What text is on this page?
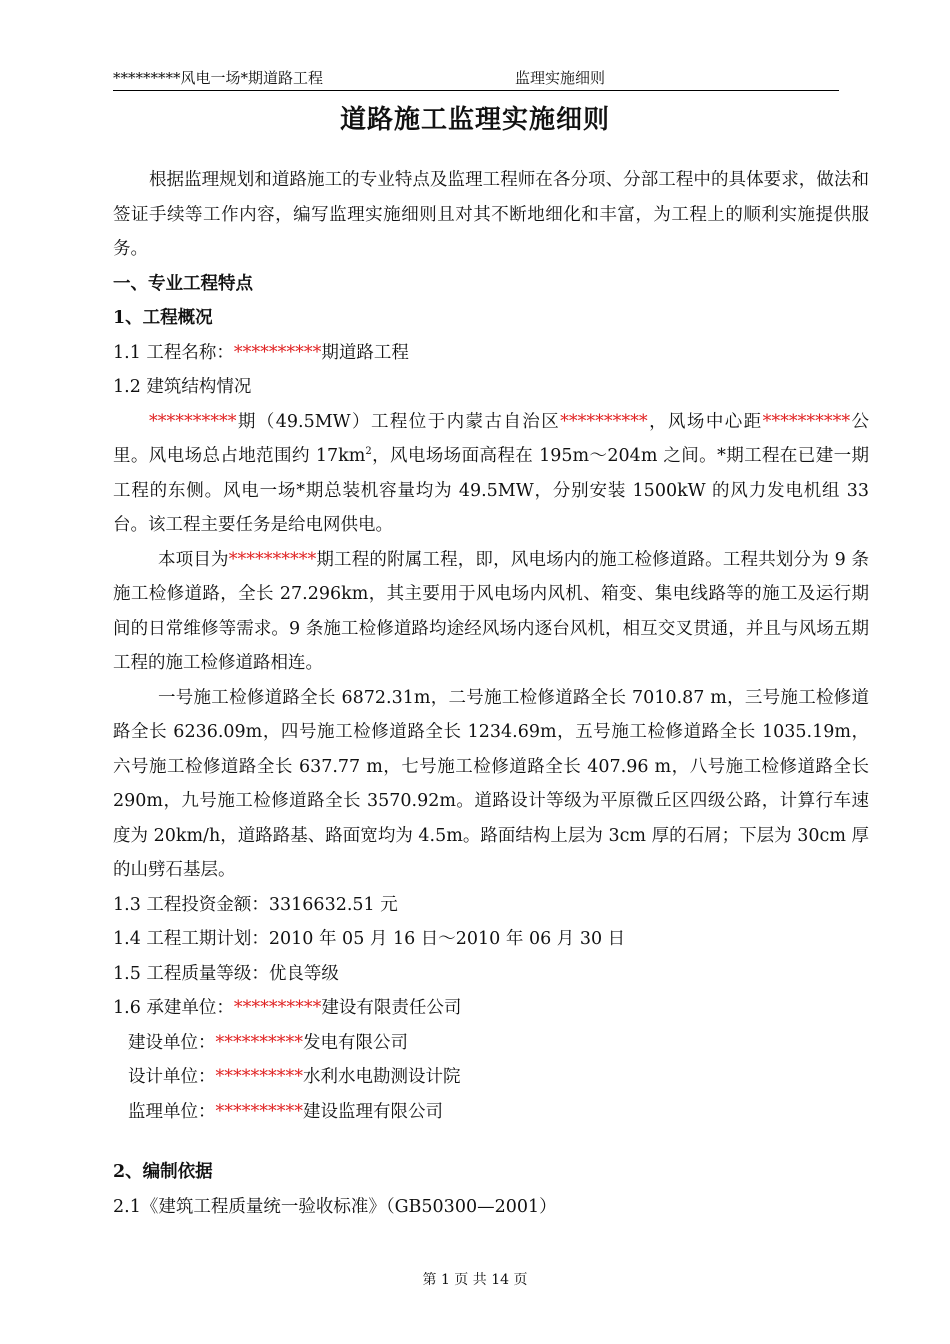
*********风电一场*期道路工程	监理实施细则
道路施工监理实施细则

根据监理规划和道路施工的专业特点及监理工程师在各分项、分部工程中的具体要求，做法和签证手续等工作内容，编写监理实施细则且对其不断地细化和丰富，为工程上的顺利实施提供服务。

一、专业工程特点

1、工程概况

1.1 工程名称：**********期道路工程

1.2 建筑结构情况

**********期（49.5MW）工程位于内蒙古自治区**********，风场中心距**********公里。风电场总占地范围约 $17km^2$，风电场场面高程在 195m～204m 之间。*期工程在已建一期工程的东侧。风电一场*期总装机容量均为 49.5MW，分别安装 1500kW 的风力发电机组 33 台。该工程主要任务是给电网供电。

本项目为**********期工程的附属工程，即，风电场内的施工检修道路。工程共划分为 9 条施工检修道路，全长 27.296km，其主要用于风电场内风机、箱变、集电线路等的施工及运行期间的日常维修等需求。9 条施工检修道路均途经风场内逐台风机，相互交叉贯通，并且与风场五期工程的施工检修道路相连。

一号施工检修道路全长 6872.31m，二号施工检修道路全长 7010.87 m，三号施工检修道路全长 6236.09m，四号施工检修道路全长 1234.69m，五号施工检修道路全长 1035.19m，六号施工检修道路全长 637.77 m，七号施工检修道路全长 407.96 m，八号施工检修道路全长 290m，九号施工检修道路全长 3570.92m。道路设计等级为平原微丘区四级公路，计算行车速度为 20km/h，道路路基、路面宽均为 4.5m。路面结构上层为 3cm 厚的石屑；下层为 30cm 厚的山劈石基层。

1.3 工程投资金额：3316632.51 元

1.4 工程工期计划：2010 年 05 月 16 日～2010 年 06 月 30 日

1.5 工程质量等级：优良等级

1.6 承建单位：**********建设有限责任公司

建设单位：**********发电有限公司

设计单位：**********水利水电勘测设计院

监理单位：**********建设监理有限公司

2、编制依据

2.1《建筑工程质量统一验收标准》（GB50300—2001）

第 1 页 共 14 页
